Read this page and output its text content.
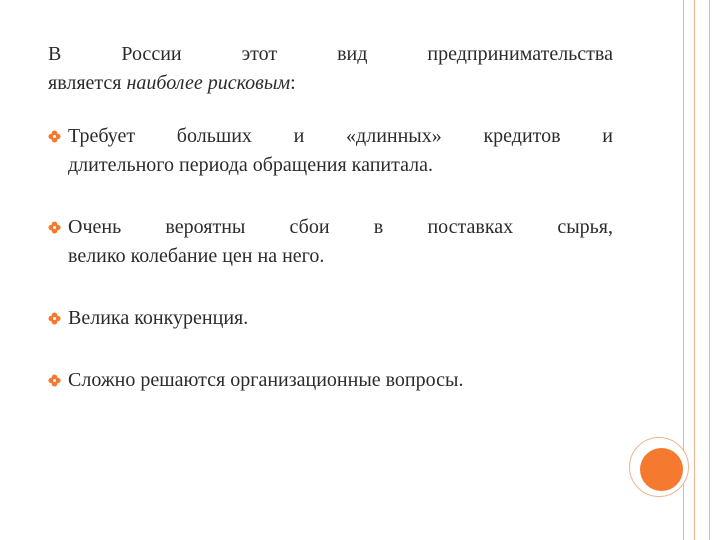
В	России	этот	вид	предпринимательства
является наиболее рисковым:
Требует больших и «длинных» кредитов и
длительного периода обращения капитала.
Очень вероятны сбои в поставках сырья,
велико колебание цен на него.
Велика конкуренция.
Сложно решаются организационные вопросы.
